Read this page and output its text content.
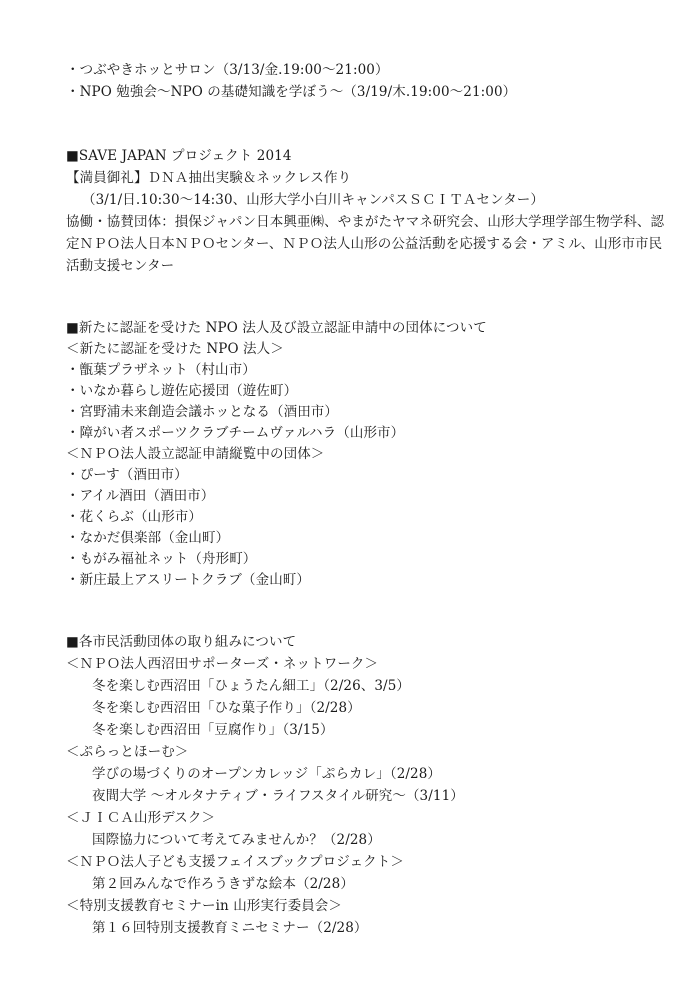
・つぶやきホッとサロン（3/13/金.19:00～21:00）
・NPO 勉強会～NPO の基礎知識を学ぼう～（3/19/木.19:00～21:00）
■SAVE JAPAN プロジェクト 2014
【満員御礼】ＤＮＡ抽出実験＆ネックレス作り
（3/1/日.10:30～14:30、山形大学小白川キャンパスＳＣＩＴＡセンター）
協働・協賛団体：損保ジャパン日本興亜㈱、やまがたヤマネ研究会、山形大学理学部生物学科、認
定ＮＰＯ法人日本ＮＰＯセンター、ＮＰＯ法人山形の公益活動を応援する会・アミル、山形市市民
活動支援センター
■新たに認証を受けた NPO 法人及び設立認証申請中の団体について
＜新たに認証を受けた NPO 法人＞
・甑葉プラザネット（村山市）
・いなか暮らし遊佐応援団（遊佐町）
・宮野浦未来創造会議ホッとなる（酒田市）
・障がい者スポーツクラブチームヴァルハラ（山形市）
＜ＮＰＯ法人設立認証申請縦覧中の団体＞
・ぴーす（酒田市）
・アイル酒田（酒田市）
・花くらぶ（山形市）
・なかだ倶楽部（金山町）
・もがみ福祉ネット（舟形町）
・新庄最上アスリートクラブ（金山町）
■各市民活動団体の取り組みについて
＜ＮＰＯ法人西沼田サポーターズ・ネットワーク＞
冬を楽しむ西沼田「ひょうたん細工」（2/26、3/5）
冬を楽しむ西沼田「ひな菓子作り」（2/28）
冬を楽しむ西沼田「豆腐作り」（3/15）
＜ぷらっとほーむ＞
学びの場づくりのオープンカレッジ「ぷらカレ」（2/28）
夜間大学 ～オルタナティブ・ライフスタイル研究～（3/11）
＜ＪＩＣＡ山形デスク＞
国際協力について考えてみませんか？（2/28）
＜ＮＰＯ法人子ども支援フェイスブックプロジェクト＞
第２回みんなで作ろうきずな絵本（2/28）
＜特別支援教育セミナーin 山形実行委員会＞
第１６回特別支援教育ミニセミナー（2/28）
